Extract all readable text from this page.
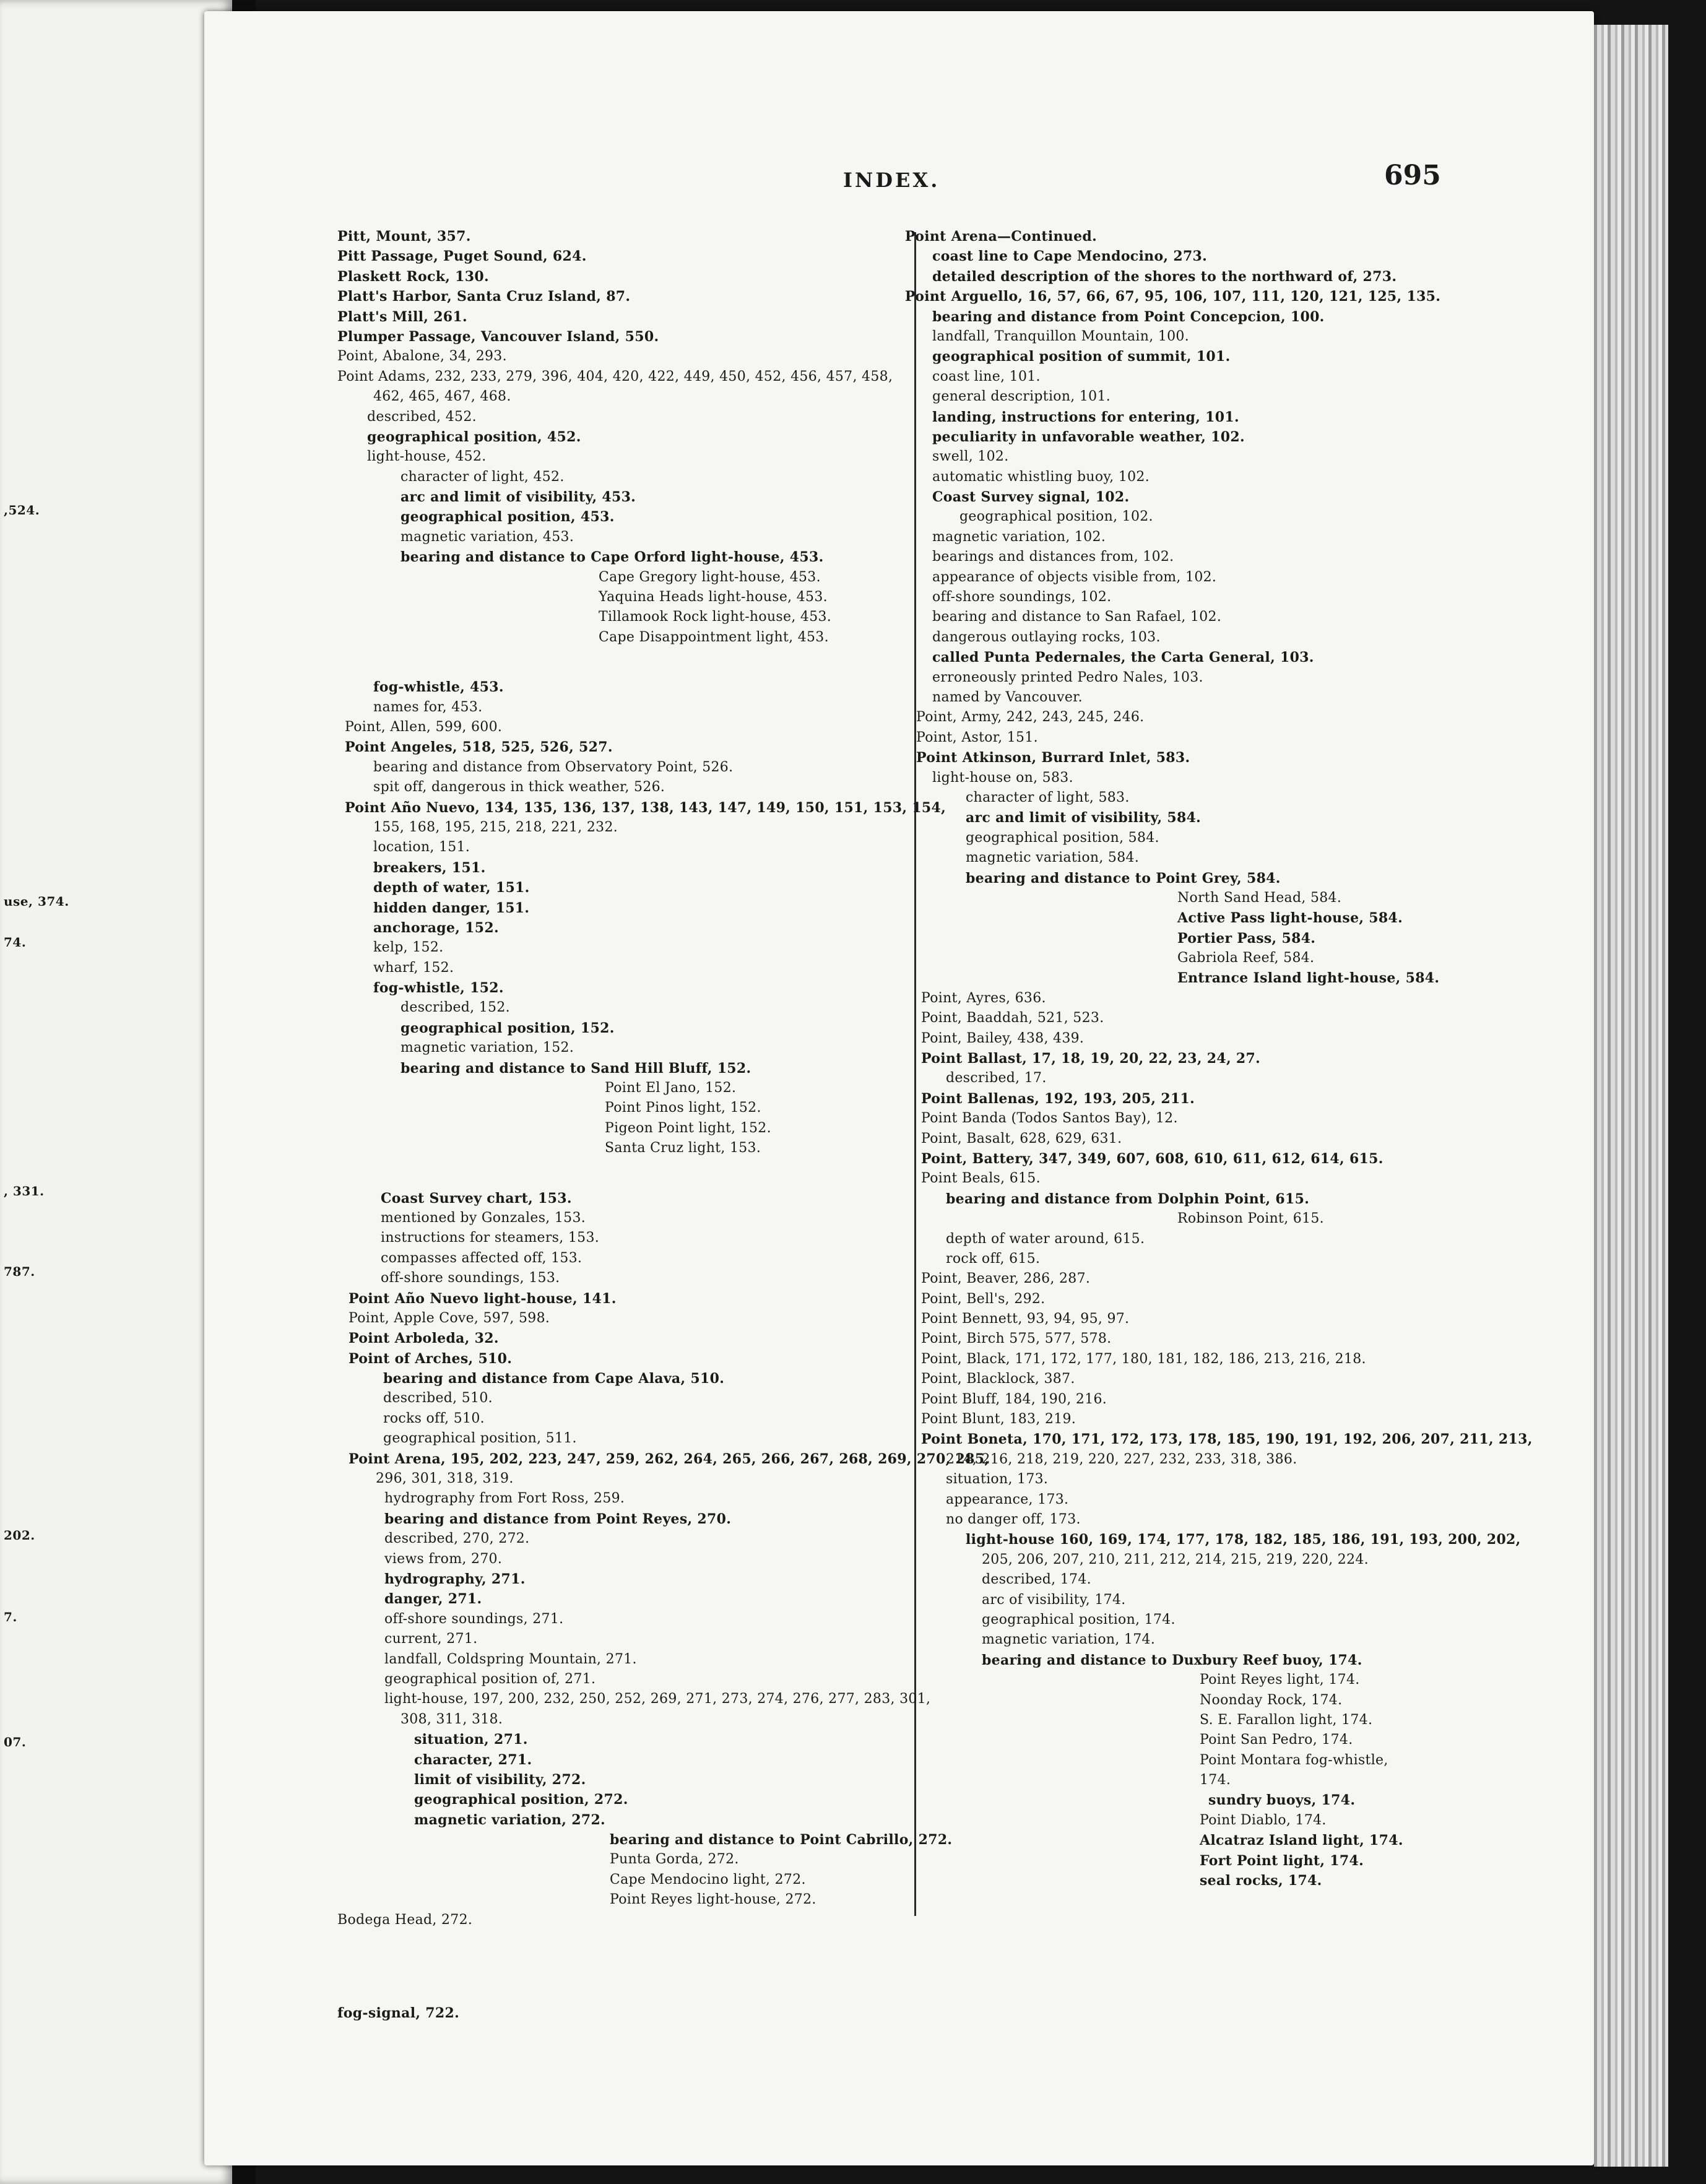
,524.
use, 374.
74.
, 331.
787.
202.
7.
07.
INDEX.	695
Pitt, Mount, 357.
Pitt Passage, Puget Sound, 624.
Plaskett Rock, 130.
Platt's Harbor, Santa Cruz Island, 87.
Platt's Mill, 261.
Plumper Passage, Vancouver Island, 550.
Point, Abalone, 34, 293.
Point Adams, 232, 233, 279, 396, 404, 420, 422, 449, 450, 452, 456, 457, 458,
462, 465, 467, 468.
described, 452.
geographical position, 452.
light-house, 452.
character of light, 452.
arc and limit of visibility, 453.
geographical position, 453.
magnetic variation, 453.
bearing and distance to Cape Orford light-house, 453.
Cape Gregory light-house, 453.
Yaquina Heads light-house, 453.
Tillamook Rock light-house, 453.
Cape Disappointment light, 453.
fog-whistle, 453.
names for, 453.
Point, Allen, 599, 600.
Point Angeles, 518, 525, 526, 527.
bearing and distance from Observatory Point, 526.
spit off, dangerous in thick weather, 526.
Point Año Nuevo, 134, 135, 136, 137, 138, 143, 147, 149, 150, 151, 153, 154,
155, 168, 195, 215, 218, 221, 232.
location, 151.
breakers, 151.
depth of water, 151.
hidden danger, 151.
anchorage, 152.
kelp, 152.
wharf, 152.
fog-whistle, 152.
described, 152.
geographical position, 152.
magnetic variation, 152.
bearing and distance to Sand Hill Bluff, 152.
Point El Jano, 152.
Point Pinos light, 152.
Pigeon Point light, 152.
Santa Cruz light, 153.
Coast Survey chart, 153.
mentioned by Gonzales, 153.
instructions for steamers, 153.
compasses affected off, 153.
off-shore soundings, 153.
Point Año Nuevo light-house, 141.
Point, Apple Cove, 597, 598.
Point Arboleda, 32.
Point of Arches, 510.
bearing and distance from Cape Alava, 510.
described, 510.
rocks off, 510.
geographical position, 511.
Point Arena, 195, 202, 223, 247, 259, 262, 264, 265, 266, 267, 268, 269, 270, 285,
296, 301, 318, 319.
hydrography from Fort Ross, 259.
bearing and distance from Point Reyes, 270.
described, 270, 272.
views from, 270.
hydrography, 271.
danger, 271.
off-shore soundings, 271.
current, 271.
landfall, Coldspring Mountain, 271.
geographical position of, 271.
light-house, 197, 200, 232, 250, 252, 269, 271, 273, 274, 276, 277, 283, 301,
308, 311, 318.
situation, 271.
character, 271.
limit of visibility, 272.
geographical position, 272.
magnetic variation, 272.
bearing and distance to Point Cabrillo, 272.
Punta Gorda, 272.
Cape Mendocino light, 272.
Point Reyes light-house, 272.
Bodega Head, 272.
fog-signal, 722.
Point Arena—Continued.
coast line to Cape Mendocino, 273.
detailed description of the shores to the northward of, 273.
Point Arguello, 16, 57, 66, 67, 95, 106, 107, 111, 120, 121, 125, 135.
bearing and distance from Point Concepcion, 100.
landfall, Tranquillon Mountain, 100.
geographical position of summit, 101.
coast line, 101.
general description, 101.
landing, instructions for entering, 101.
peculiarity in unfavorable weather, 102.
swell, 102.
automatic whistling buoy, 102.
Coast Survey signal, 102.
geographical position, 102.
magnetic variation, 102.
bearings and distances from, 102.
appearance of objects visible from, 102.
off-shore soundings, 102.
bearing and distance to San Rafael, 102.
dangerous outlaying rocks, 103.
called Punta Pedernales, the Carta General, 103.
erroneously printed Pedro Nales, 103.
named by Vancouver.
Point, Army, 242, 243, 245, 246.
Point, Astor, 151.
Point Atkinson, Burrard Inlet, 583.
light-house on, 583.
character of light, 583.
arc and limit of visibility, 584.
geographical position, 584.
magnetic variation, 584.
bearing and distance to Point Grey, 584.
North Sand Head, 584.
Active Pass light-house, 584.
Portier Pass, 584.
Gabriola Reef, 584.
Entrance Island light-house, 584.
Point, Ayres, 636.
Point, Baaddah, 521, 523.
Point, Bailey, 438, 439.
Point Ballast, 17, 18, 19, 20, 22, 23, 24, 27.
described, 17.
Point Ballenas, 192, 193, 205, 211.
Point Banda (Todos Santos Bay), 12.
Point, Basalt, 628, 629, 631.
Point, Battery, 347, 349, 607, 608, 610, 611, 612, 614, 615.
Point Beals, 615.
bearing and distance from Dolphin Point, 615.
Robinson Point, 615.
depth of water around, 615.
rock off, 615.
Point, Beaver, 286, 287.
Point, Bell's, 292.
Point Bennett, 93, 94, 95, 97.
Point, Birch 575, 577, 578.
Point, Black, 171, 172, 177, 180, 181, 182, 186, 213, 216, 218.
Point, Blacklock, 387.
Point Bluff, 184, 190, 216.
Point Blunt, 183, 219.
Point Boneta, 170, 171, 172, 173, 178, 185, 190, 191, 192, 206, 207, 211, 213,
214, 216, 218, 219, 220, 227, 232, 233, 318, 386.
situation, 173.
appearance, 173.
no danger off, 173.
light-house 160, 169, 174, 177, 178, 182, 185, 186, 191, 193, 200, 202,
205, 206, 207, 210, 211, 212, 214, 215, 219, 220, 224.
described, 174.
arc of visibility, 174.
geographical position, 174.
magnetic variation, 174.
bearing and distance to Duxbury Reef buoy, 174.
Point Reyes light, 174.
Noonday Rock, 174.
S. E. Farallon light, 174.
Point San Pedro, 174.
Point Montara fog-whistle,
174.
sundry buoys, 174.
Point Diablo, 174.
Alcatraz Island light, 174.
Fort Point light, 174.
seal rocks, 174.
